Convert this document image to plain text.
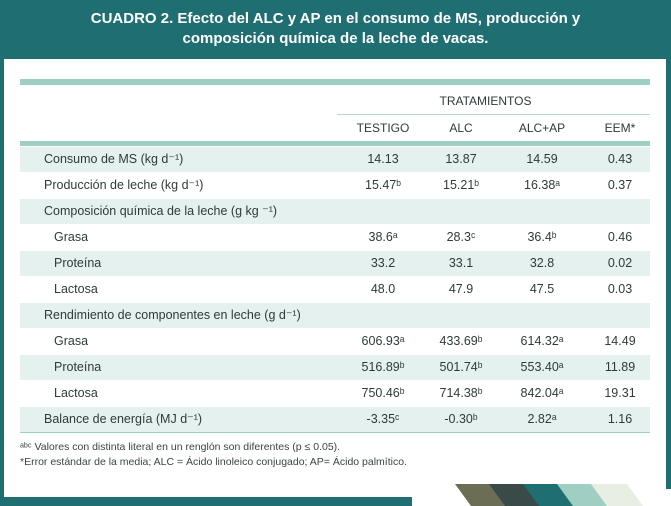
CUADRO 2. Efecto del ALC y AP en el consumo de MS, producción y
composición química de la leche de vacas.
TRATAMIENTOS
TESTIGO	ALC	ALC+AP	EEM*
Consumo de MS (kg d⁻¹)	14.13	13.87	14.59	0.43
Producción de leche (kg d⁻¹)	15.47ᵇ	15.21ᵇ	16.38ᵃ	0.37
Composición química de la leche (g kg ⁻¹)
Grasa	38.6ᵃ	28.3ᶜ	36.4ᵇ	0.46
Proteína	33.2	33.1	32.8	0.02
Lactosa	48.0	47.9	47.5	0.03
Rendimiento de componentes en leche (g d⁻¹)
Grasa	606.93ᵃ	433.69ᵇ	614.32ᵃ	14.49
Proteína	516.89ᵇ	501.74ᵇ	553.40ᵃ	11.89
Lactosa	750.46ᵇ	714.38ᵇ	842.04ᵃ	19.31
Balance de energía (MJ d⁻¹)	-3.35ᶜ	-0.30ᵇ	2.82ᵃ	1.16
ᵃᵇᶜ Valores con distinta literal en un renglón son diferentes (p ≤ 0.05).
*Error estándar de la media; ALC = Ácido linoleico conjugado; AP= Ácido palmítico.
